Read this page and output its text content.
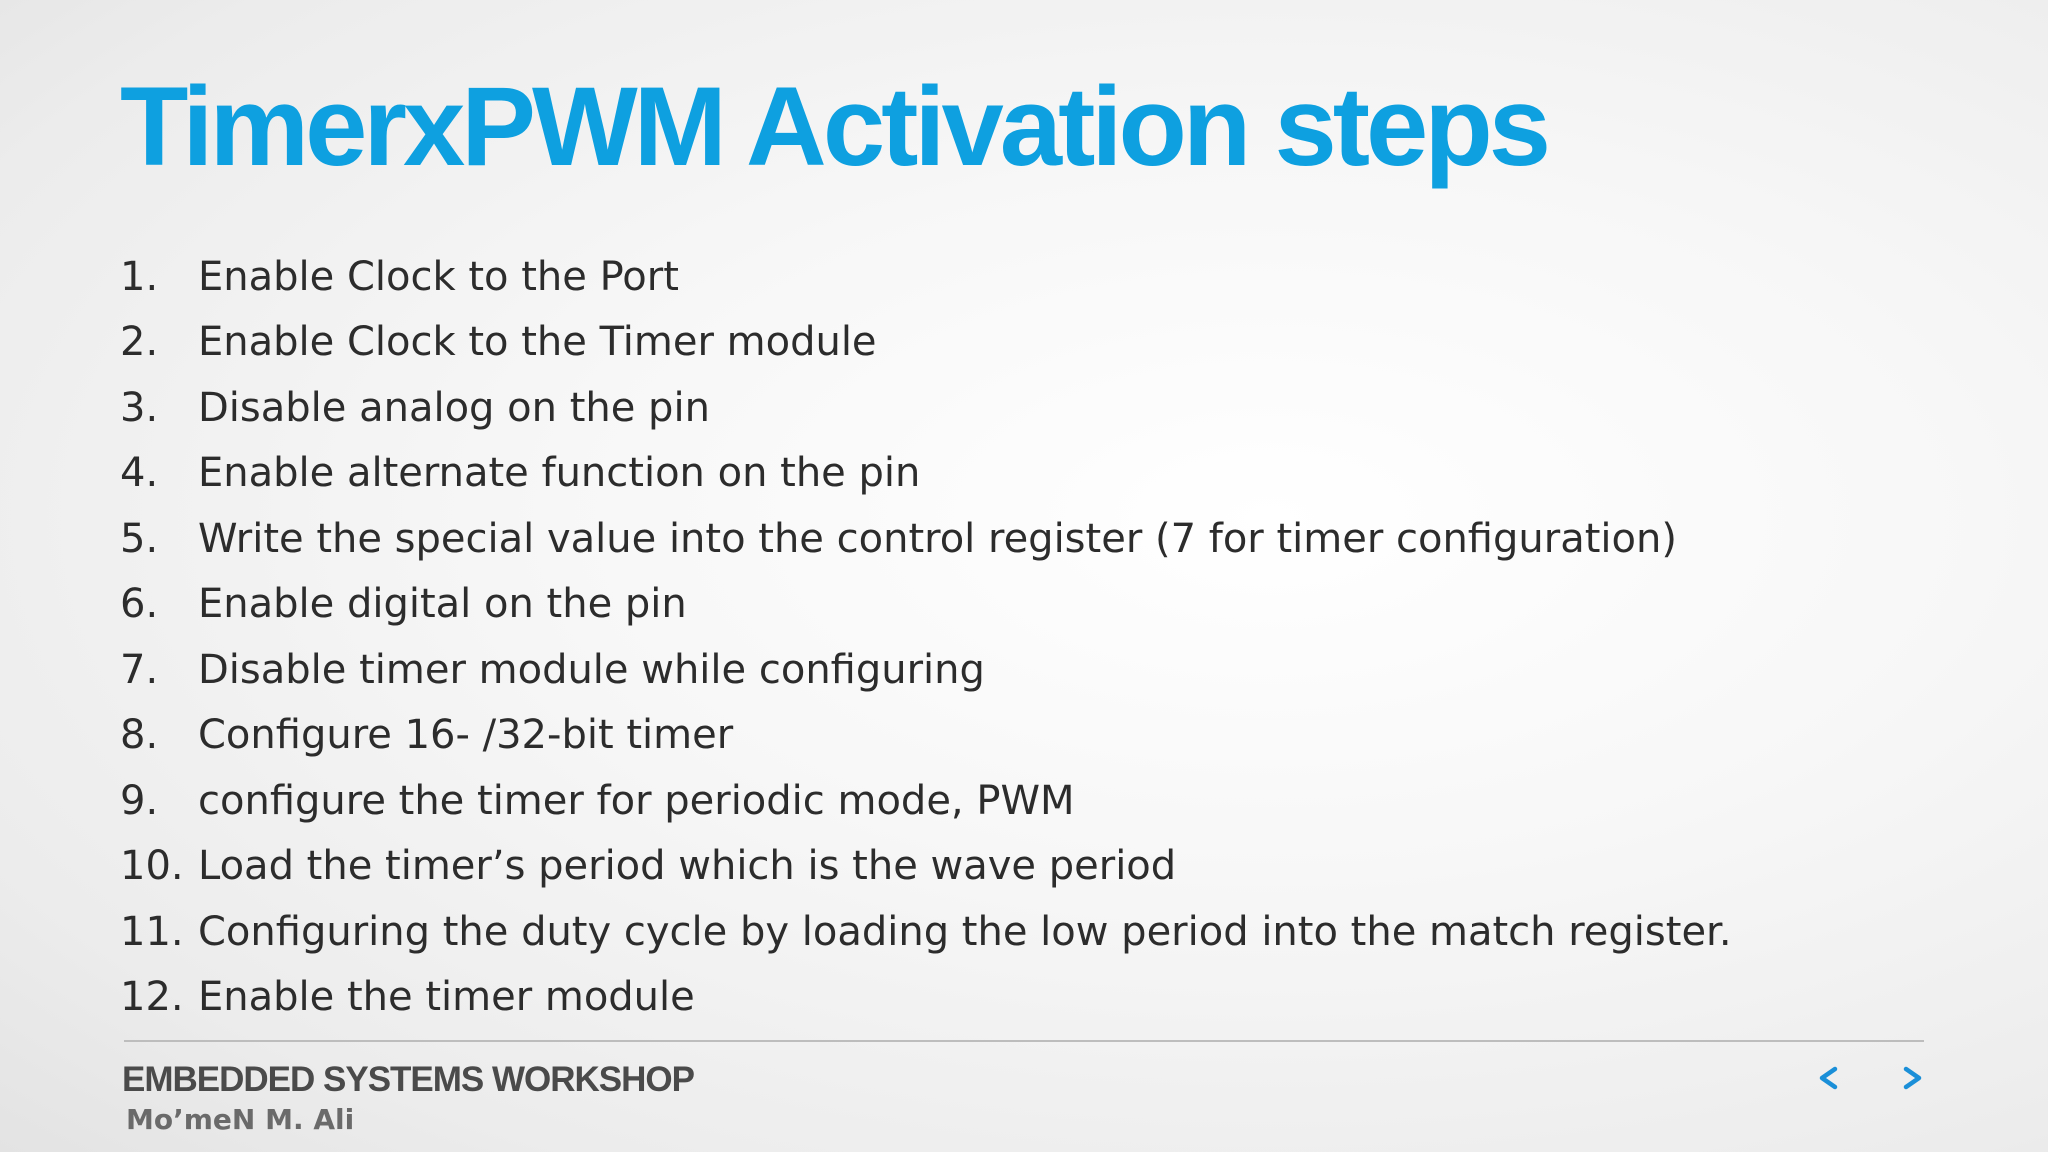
TimerxPWM Activation steps
1. Enable Clock to the Port
2. Enable Clock to the Timer module
3. Disable analog on the pin
4. Enable alternate function on the pin
5. Write the special value into the control register (7 for timer configuration)
6. Enable digital on the pin
7. Disable timer module while configuring
8. Configure 16- /32-bit timer
9. configure the timer for periodic mode, PWM
10. Load the timer’s period which is the wave period
11. Configuring the duty cycle by loading the low period into the match register.
12. Enable the timer module
EMBEDDED SYSTEMS WORKSHOP
Mo’meN M. Ali
